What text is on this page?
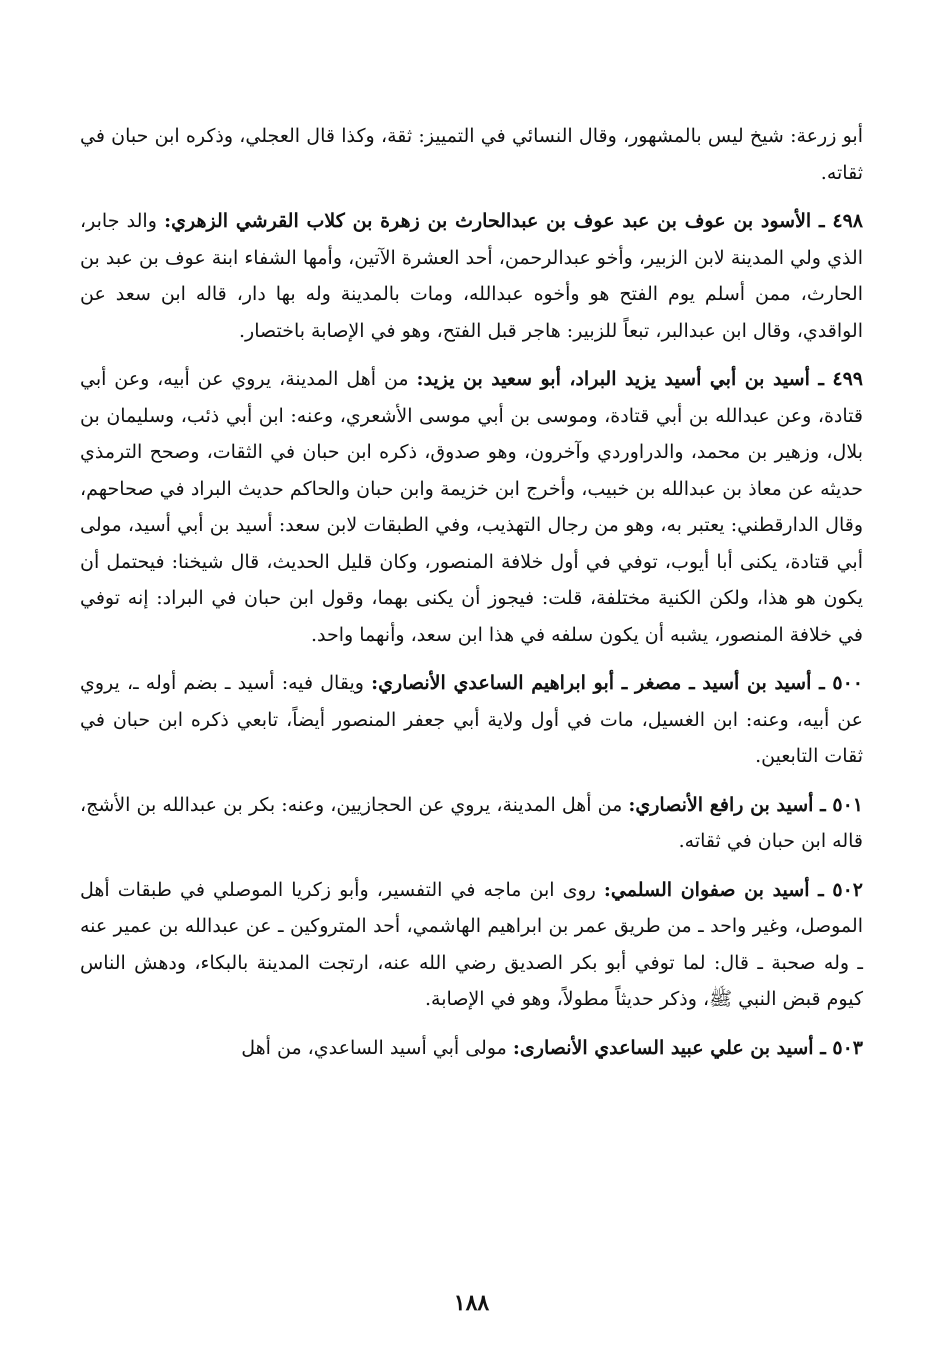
أبو زرعة: شيخ ليس بالمشهور، وقال النسائي في التمييز: ثقة، وكذا قال العجلي، وذكره ابن حبان في ثقاته.

٤٩٨ ـ الأسود بن عوف بن عبد عوف بن عبدالحارث بن زهرة بن كلاب القرشي الزهري: والد جابر، الذي ولي المدينة لابن الزبير، وأخو عبدالرحمن، أحد العشرة الآتين، وأمها الشفاء ابنة عوف بن عبد بن الحارث، ممن أسلم يوم الفتح هو وأخوه عبدالله، ومات بالمدينة وله بها دار، قاله ابن سعد عن الواقدي، وقال ابن عبدالبر، تبعاً للزبير: هاجر قبل الفتح، وهو في الإصابة باختصار.

٤٩٩ ـ أسيد بن أبي أسيد يزيد البراد، أبو سعيد بن يزيد: من أهل المدينة، يروي عن أبيه، وعن أبي قتادة، وعن عبدالله بن أبي قتادة، وموسى بن أبي موسى الأشعري، وعنه: ابن أبي ذئب، وسليمان بن بلال، وزهير بن محمد، والدراوردي وآخرون، وهو صدوق، ذكره ابن حبان في الثقات، وصحح الترمذي حديثه عن معاذ بن عبدالله بن خبيب، وأخرج ابن خزيمة وابن حبان والحاكم حديث البراد في صحاحهم، وقال الدارقطني: يعتبر به، وهو من رجال التهذيب، وفي الطبقات لابن سعد: أسيد بن أبي أسيد، مولى أبي قتادة، يكنى أبا أيوب، توفي في أول خلافة المنصور، وكان قليل الحديث، قال شيخنا: فيحتمل أن يكون هو هذا، ولكن الكنية مختلفة، قلت: فيجوز أن يكنى بهما، وقول ابن حبان في البراد: إنه توفي في خلافة المنصور، يشبه أن يكون سلفه في هذا ابن سعد، وأنهما واحد.

٥٠٠ ـ أسيد بن أسيد ـ مصغر ـ أبو ابراهيم الساعدي الأنصاري: ويقال فيه: أسيد ـ بضم أوله ـ، يروي عن أبيه، وعنه: ابن الغسيل، مات في أول ولاية أبي جعفر المنصور أيضاً، تابعي ذكره ابن حبان في ثقات التابعين.

٥٠١ ـ أسيد بن رافع الأنصاري: من أهل المدينة، يروي عن الحجازيين، وعنه: بكر بن عبدالله بن الأشج، قاله ابن حبان في ثقاته.

٥٠٢ ـ أسيد بن صفوان السلمي: روى ابن ماجه في التفسير، وأبو زكريا الموصلي في طبقات أهل الموصل، وغير واحد ـ من طريق عمر بن ابراهيم الهاشمي، أحد المتروكين ـ عن عبدالله بن عمير عنه ـ وله صحبة ـ قال: لما توفي أبو بكر الصديق رضي الله عنه، ارتجت المدينة بالبكاء، ودهش الناس كيوم قبض النبي ﷺ، وذكر حديثاً مطولاً، وهو في الإصابة.

٥٠٣ ـ أسيد بن علي عبيد الساعدي الأنصارى: مولى أبي أسيد الساعدي، من أهل

١٨٨
